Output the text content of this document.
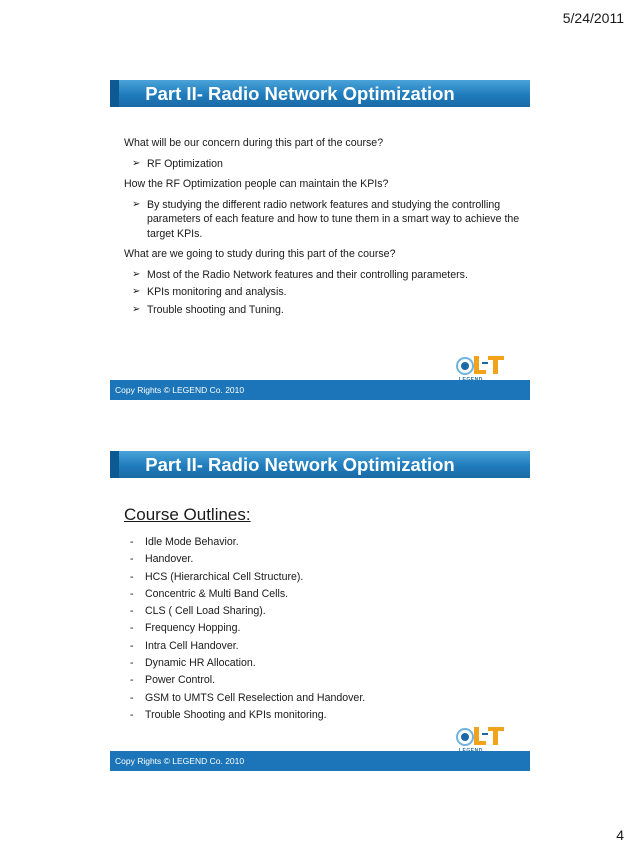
5/24/2011
Part II- Radio Network Optimization

What will be our concern during this part of the course?

➢ RF Optimization

How the RF Optimization people can maintain the KPIs?

➢ By studying the different radio network features and studying the controlling parameters of each feature and how to tune them in a smart way to achieve the target KPIs.

What are we going to study during this part of the course?

➢ Most of the Radio Network features and their controlling parameters.
➢ KPIs monitoring and analysis.
➢ Trouble shooting and Tuning.
Copy Rights © LEGEND Co. 2010
Part II- Radio Network Optimization
Course Outlines:
- Idle Mode Behavior.
- Handover.
- HCS (Hierarchical Cell Structure).
- Concentric & Multi Band Cells.
- CLS ( Cell Load Sharing).
- Frequency Hopping.
- Intra Cell Handover.
- Dynamic HR Allocation.
- Power Control.
- GSM to UMTS Cell Reselection and Handover.
- Trouble Shooting and KPIs monitoring.
Copy Rights © LEGEND Co. 2010
4
